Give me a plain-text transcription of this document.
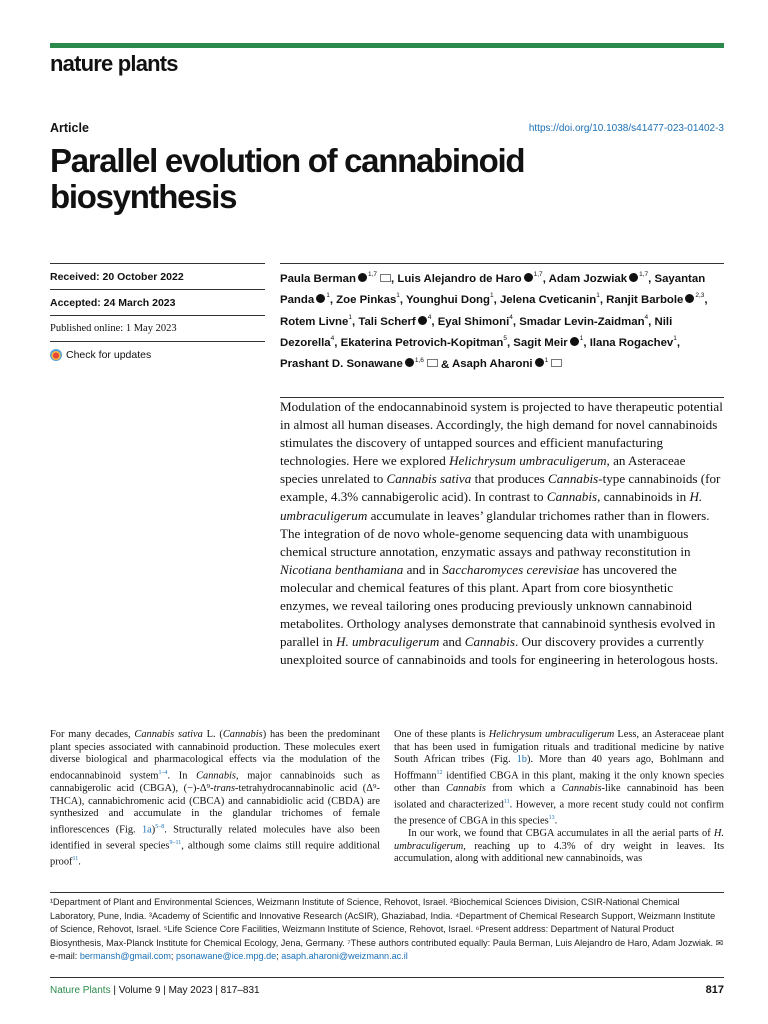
nature plants
Article	https://doi.org/10.1038/s41477-023-01402-3
Parallel evolution of cannabinoid biosynthesis
Received: 20 October 2022
Accepted: 24 March 2023
Published online: 1 May 2023
Check for updates
Paula Berman $^{1,7}$ , Luis Alejandro de Haro $^{1,7}$, Adam Jozwiak $^{1,7}$, Sayantan Panda $^1$, Zoe Pinkas$^1$, Younghui Dong$^1$, Jelena Cveticanin$^1$, Ranjit Barbole $^{2,3}$, Rotem Livne$^1$, Tali Scherf $^4$, Eyal Shimoni$^4$, Smadar Levin-Zaidman$^4$, Nili Dezorella$^4$, Ekaterina Petrovich-Kopitman$^5$, Sagit Meir $^1$, Ilana Rogachev$^1$, Prashant D. Sonawane $^{1,6}$ & Asaph Aharoni $^1$
Modulation of the endocannabinoid system is projected to have therapeutic potential in almost all human diseases. Accordingly, the high demand for novel cannabinoids stimulates the discovery of untapped sources and efficient manufacturing technologies. Here we explored Helichrysum umbraculigerum, an Asteraceae species unrelated to Cannabis sativa that produces Cannabis-type cannabinoids (for example, 4.3% cannabigerolic acid). In contrast to Cannabis, cannabinoids in H. umbraculigerum accumulate in leaves’ glandular trichomes rather than in flowers. The integration of de novo whole-genome sequencing data with unambiguous chemical structure annotation, enzymatic assays and pathway reconstitution in Nicotiana benthamiana and in Saccharomyces cerevisiae has uncovered the molecular and chemical features of this plant. Apart from core biosynthetic enzymes, we reveal tailoring ones producing previously unknown cannabinoid metabolites. Orthology analyses demonstrate that cannabinoid synthesis evolved in parallel in H. umbraculigerum and Cannabis. Our discovery provides a currently unexploited source of cannabinoids and tools for engineering in heterologous hosts.

For many decades, Cannabis sativa L. (Cannabis) has been the predominant plant species associated with cannabinoid production. These molecules exert diverse biological and pharmacological effects via the modulation of the endocannabinoid system$^{1-4}$. In Cannabis, major cannabinoids such as cannabigerolic acid (CBGA), (−)-Δ⁹-trans-tetrahydrocannabinolic acid (Δ⁹-THCA), cannabichromenic acid (CBCA) and cannabidiolic acid (CBDA) are synthesized and accumulate in the glandular trichomes of female inflorescences (Fig. 1a)$^{5-8}$. Structurally related molecules have also been identified in several species$^{9-11}$, although some claims still require additional proof$^{11}$.

One of these plants is Helichrysum umbraculigerum Less, an Asteraceae plant that has been used in fumigation rituals and traditional medicine by native South African tribes (Fig. 1b). More than 40 years ago, Bohlmann and Hoffmann$^{12}$ identified CBGA in this plant, making it the only known species other than Cannabis from which a Cannabis-like cannabinoid has been isolated and characterized$^{11}$. However, a more recent study could not confirm the presence of CBGA in this species$^{13}$.

In our work, we found that CBGA accumulates in all the aerial parts of H. umbraculigerum, reaching up to 4.3% of dry weight in leaves. Its accumulation, along with additional new cannabinoids, was

¹Department of Plant and Environmental Sciences, Weizmann Institute of Science, Rehovot, Israel. ²Biochemical Sciences Division, CSIR-National Chemical Laboratory, Pune, India. ³Academy of Scientific and Innovative Research (AcSIR), Ghaziabad, India. ⁴Department of Chemical Research Support, Weizmann Institute of Science, Rehovot, Israel. ⁵Life Science Core Facilities, Weizmann Institute of Science, Rehovot, Israel. ⁶Present address: Department of Natural Product Biosynthesis, Max-Planck Institute for Chemical Ecology, Jena, Germany. ⁷These authors contributed equally: Paula Berman, Luis Alejandro de Haro, Adam Jozwiak. ✉e-mail: bermansh@gmail.com; psonawane@ice.mpg.de; asaph.aharoni@weizmann.ac.il
Nature Plants | Volume 9 | May 2023 | 817–831	817
